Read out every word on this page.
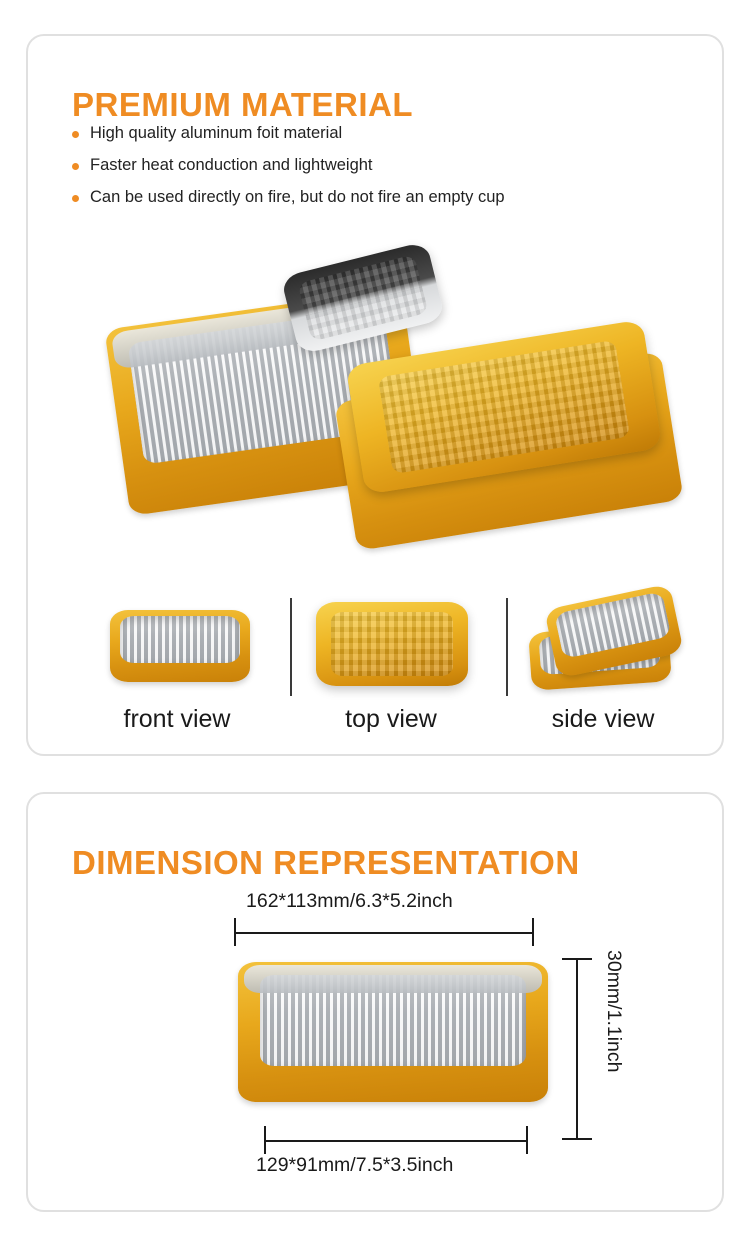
PREMIUM MATERIAL
High quality aluminum foit material
Faster heat conduction and lightweight
Can be used directly on fire, but do not fire an empty cup
front view	top view	side view
DIMENSION REPRESENTATION
162*113mm/6.3*5.2inch
30mm/1.1inch
129*91mm/7.5*3.5inch
